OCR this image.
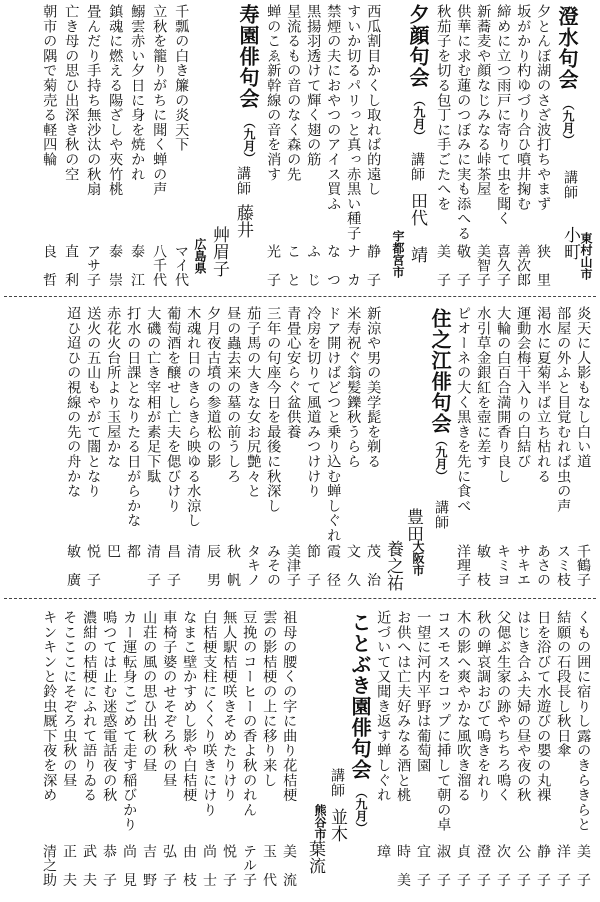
澄水句会
（九月）
講師
小町 東村山市
夕とんぼ湖のさざ波打ちやまず
狭　里
坂がかり杓ゆづり合ひ噴井掬む
善次郎
締めに立つ雨戸に寄りて虫を聞く
喜久子
新蕎麦や顔なじみなる峠茶屋
美智子
供華に求む蓮のつぼみに実も添へる
敬　子
秋茄子を切る包丁に手ごたへを
美　子
夕顔句会
（九月）
講師
田代
靖
宇都宮市
西瓜割目かくし取れば的遠し
静　子
すいか切るパリっと真っ赤黒い種子
ナ　カ
禁煙の夫におやつのアイス買ふ
な　つ
黒揚羽透けて輝く翅の筋
ふ　じ
星流るもの音のなく森の先
こ　と
蝉のこゑ新幹線の音を消す
光　子
寿園俳句会
（九月）
講師
藤井
艸眉子
広島県
千瓢の白き簾の炎天下
マイ代
立秋を籠りがちに聞く蝉の声
八千代
鰯雲赤い夕日に身を焼かれ
泰　江
鎮魂に燃える陽ざしや夾竹桃
泰　崇
畳んだり手持ち無沙汰の秋扇
アサ子
亡き母の思ひ出深き秋の空
直　利
朝市の隅で菊売る軽四輪
良　哲
炎天に人影もなし白い道
千鶴子
部屋の外ふと目覚むれば虫の声
スミ枝
渇水に夏菊半ば立ち枯れる
あさの
運動会梅干入りの白結び
サキエ
大輪の白百合満開香り良し
キミヨ
水引草金銀紅を壺に差す
敏　枝
ピオーネの大く黒きを先に食べ
洋理子
住之江俳句会
（九月）
講師
豊田
養之祐 大阪市
新涼や男の美学髭を剃る
茂　治
米寿祝ぐ翁髪鑠秋うらら
文　久
ドア開けばどつと乗り込む蝉しぐれ
霞　径
冷房を切りて風道みつけけり
節　子
青畳心安らぐ盆供養
美津子
三年の句座今日を最後に秋深し
みその
茄子馬の大きな女お尻艶々と
タキノ
昼の蟲去来の墓の前うしろ
秋　帆
夕月夜古墳の参道松の影
辰　男
木魂れ日のきらきら映ゆる水涼し
清
葡萄酒を醸せし亡夫を偲びけり
昌　子
大磯の亡き宰相が素足下駄
清　子
打水の日課となりたる日がらかな
都
赤花火台所より玉屋かな
巴
送火の五山もやがて闇となり
悦　子
迢ひ迢ひの視線の先の舟かな
敏　廣
くもの囲に宿りし露のきらきらと
美　子
結願の石段長し秋日傘
洋　子
日を浴びて水遊びの嬰の丸裸
静　子
はじき合ふ夫婦の昼や夜の秋
公　子
父偲ぶ生家の跡やちちろ鳴く
次　子
秋の蝉哀調おびて鳴きをれり
澄　子
木の影へ爽やかな風吹き溜る
貞　子
コスモスをコップに挿して朝の卓
淑　子
一望に河内平野は葡萄園
宜　子
お供へは亡夫好みなる酒と桃
時　美
近づいて又聞き返す蝉しぐれ
璋
ことぶき園俳句会
（九月）
講師
並木
葉流
熊谷市
祖母の腰くの字に曲り花桔梗
美　流
雲の影桔梗の上に移り来し
玉　代
豆挽のコーヒーの香よ秋のれん
テル子
無人駅桔梗咲きそめたりけり
悦　子
白桔梗支柱にくくり咲きにけり
尚　士
なまこ壁かすめし影や白桔梗
由　枝
車椅子婆のせそぞろ秋の昼
弘　子
山荘の風の思ひ出秋の昼
吉　野
カー運転身こごめて走す稲びかり
尚　見
鳴つては止む迷惑電話夜の秋
恭　子
濃紺の桔梗にふれて語りゐる
武　夫
そこここにそぞろ虫秋の昼
正　夫
キンキンと鈴虫厩下夜を深め
清之助
